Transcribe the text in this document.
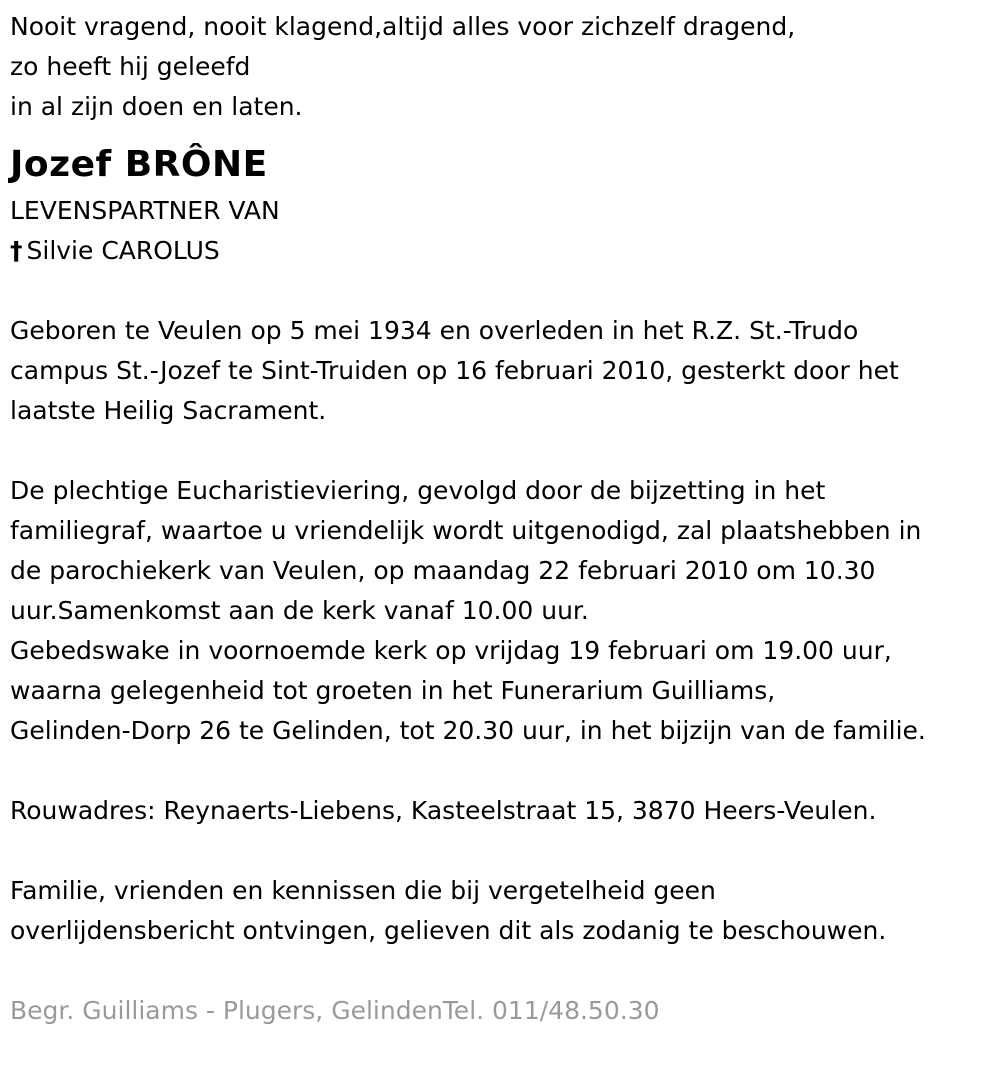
Nooit vragend, nooit klagend,altijd alles voor zichzelf dragend,
zo heeft hij geleefd
in al zijn doen en laten.
Jozef BRÔNE
LEVENSPARTNER VAN
† Silvie CAROLUS
Geboren te Veulen op 5 mei 1934 en overleden in het R.Z. St.-Trudo
campus St.-Jozef te Sint-Truiden op 16 februari 2010, gesterkt door het
laatste Heilig Sacrament.
De plechtige Eucharistieviering, gevolgd door de bijzetting in het
familiegraf, waartoe u vriendelijk wordt uitgenodigd, zal plaatshebben in
de parochiekerk van Veulen, op maandag 22 februari 2010 om 10.30
uur.Samenkomst aan de kerk vanaf 10.00 uur.
Gebedswake in voornoemde kerk op vrijdag 19 februari om 19.00 uur,
waarna gelegenheid tot groeten in het Funerarium Guilliams,
Gelinden-Dorp 26 te Gelinden, tot 20.30 uur, in het bijzijn van de familie.
Rouwadres: Reynaerts-Liebens, Kasteelstraat 15, 3870 Heers-Veulen.
Familie, vrienden en kennissen die bij vergetelheid geen
overlijdensbericht ontvingen, gelieven dit als zodanig te beschouwen.
Begr. Guilliams - Plugers, GelindenTel. 011/48.50.30
